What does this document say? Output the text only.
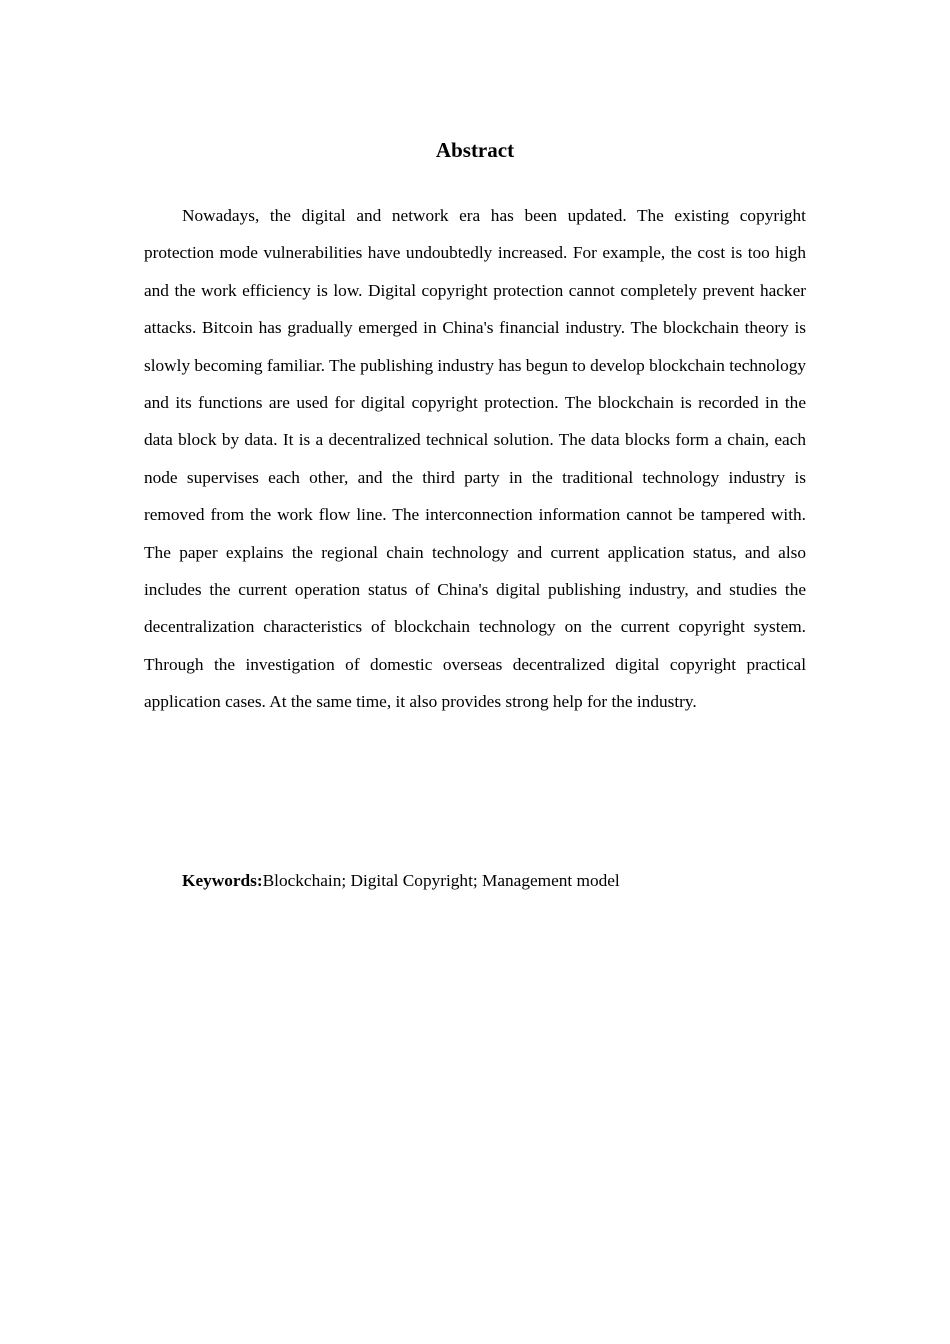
Abstract

Nowadays, the digital and network era has been updated. The existing copyright protection mode vulnerabilities have undoubtedly increased. For example, the cost is too high and the work efficiency is low. Digital copyright protection cannot completely prevent hacker attacks. Bitcoin has gradually emerged in China's financial industry. The blockchain theory is slowly becoming familiar. The publishing industry has begun to develop blockchain technology and its functions are used for digital copyright protection. The blockchain is recorded in the data block by data. It is a decentralized technical solution. The data blocks form a chain, each node supervises each other, and the third party in the traditional technology industry is removed from the work flow line. The interconnection information cannot be tampered with. The paper explains the regional chain technology and current application status, and also includes the current operation status of China's digital publishing industry, and studies the decentralization characteristics of blockchain technology on the current copyright system. Through the investigation of domestic overseas decentralized digital copyright practical application cases. At the same time, it also provides strong help for the industry.

Keywords:Blockchain; Digital Copyright; Management model
